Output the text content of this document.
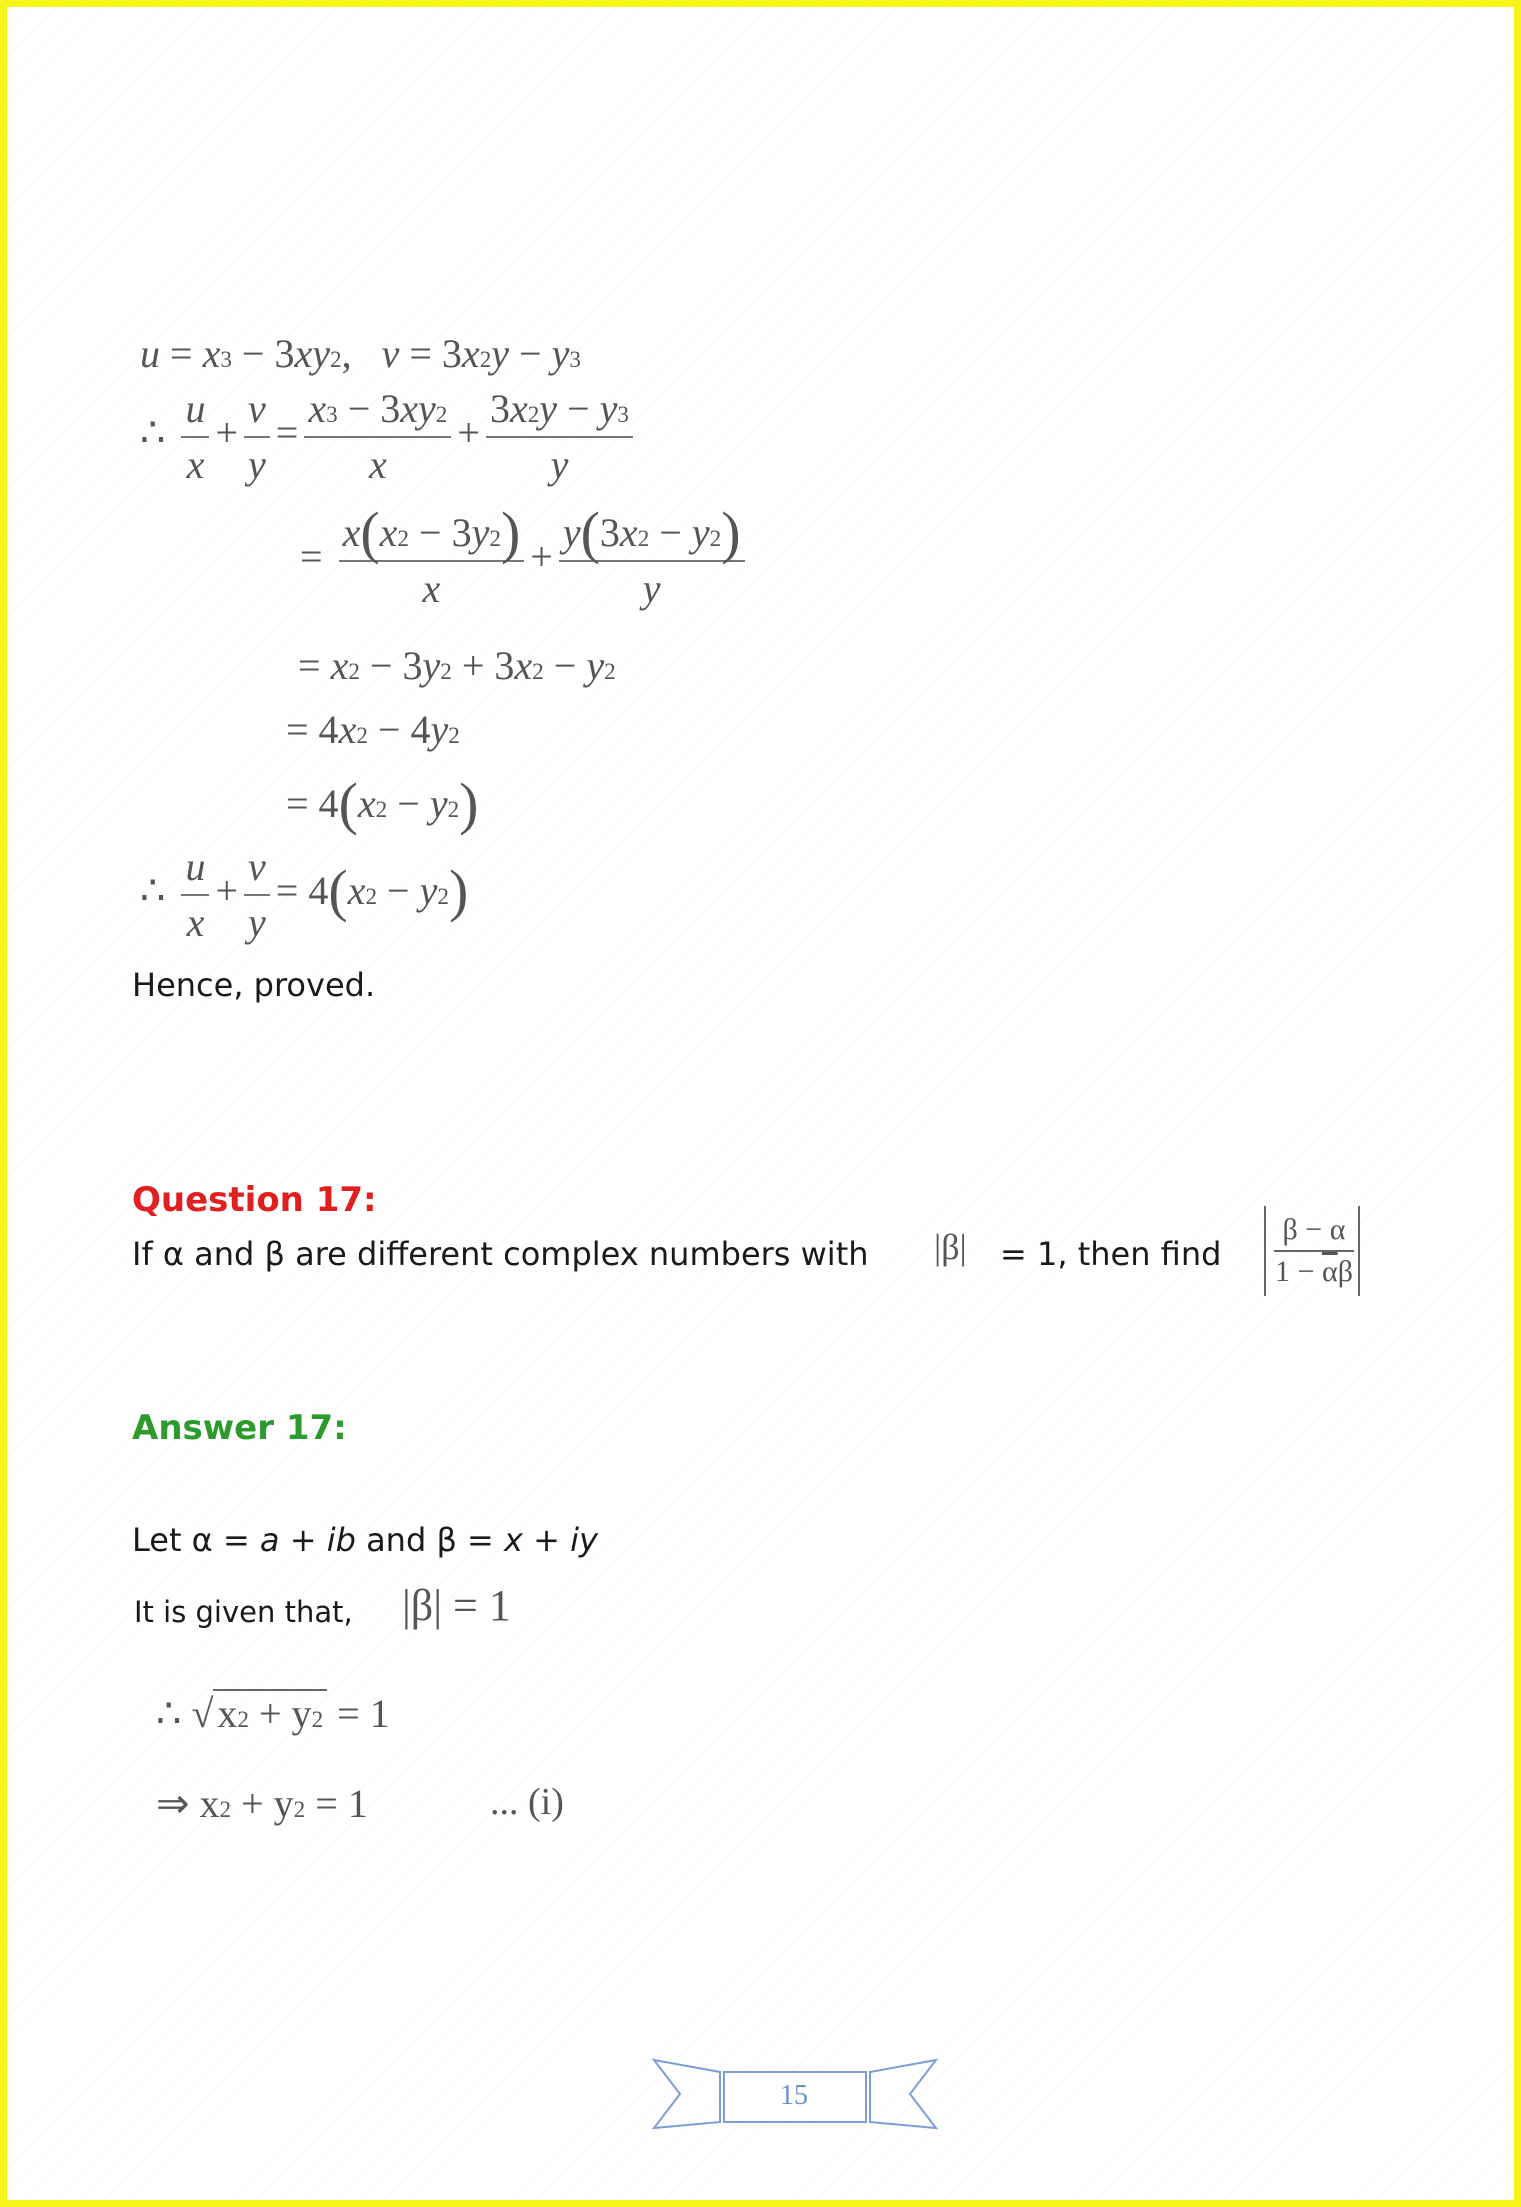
$u = x^3 - 3xy^2$,   $v = 3x^2y - y^3$
∴ $\frac{u}{x} + \frac{v}{y} = \frac{x^3 - 3xy^2}{x} + \frac{3x^2y - y^3}{y}$
= $\frac{x(x^2 - 3y^2)}{x} + \frac{y(3x^2 - y^2)}{y}$
= $x^2 - 3y^2 + 3x^2 - y^2$
= $4x^2 - 4y^2$
= $4(x^2 - y^2)$
∴ $\frac{u}{x} + \frac{v}{y} = 4(x^2 - y^2)$
Hence, proved.
Question 17:
If α and β are different complex numbers with |β| = 1, then find
β − α
$1 - \overline{\alpha}\beta$
Answer 17:
Let α = a + ib and β = x + iy
It is given that, |β| = 1
∴ √ $x^2 + y^2 = 1$
⇒ $x^2 + y^2 = 1$	... (i)
15
